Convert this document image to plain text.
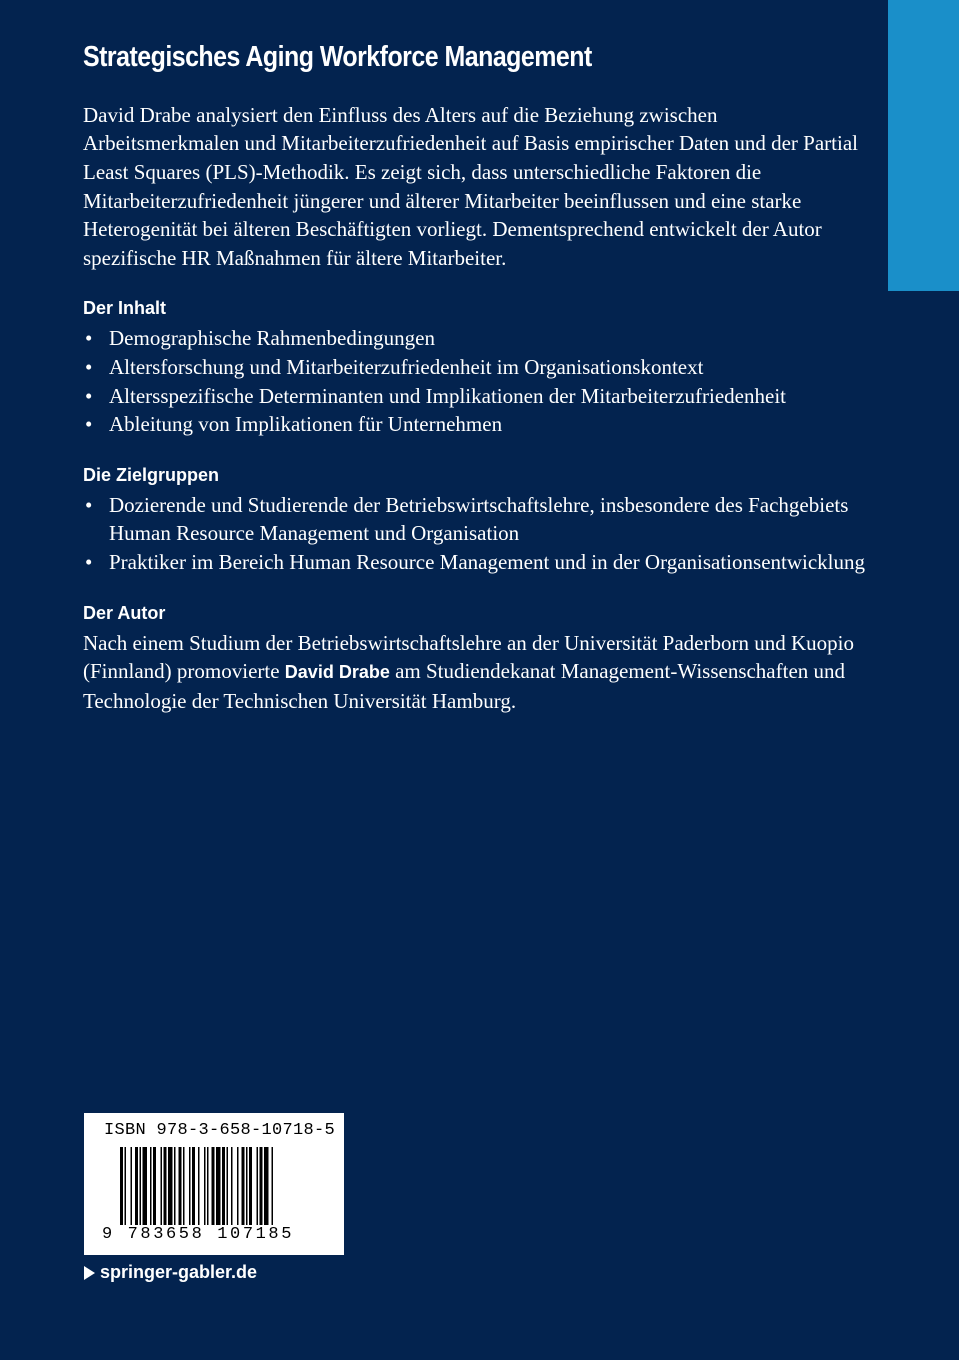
Strategisches Aging Workforce Management

David Drabe analysiert den Einfluss des Alters auf die Beziehung zwischen Arbeitsmerkmalen und Mitarbeiterzufriedenheit auf Basis empirischer Daten und der Partial Least Squares (PLS)-Methodik. Es zeigt sich, dass unterschiedliche Faktoren die Mitarbeiterzufriedenheit jüngerer und älterer Mitarbeiter beeinflussen und eine starke Heterogenität bei älteren Beschäftigten vorliegt. Dementsprechend entwickelt der Autor spezifische HR Maßnahmen für ältere Mitarbeiter.

Der Inhalt
• Demographische Rahmenbedingungen
• Altersforschung und Mitarbeiterzufriedenheit im Organisationskontext
• Altersspezifische Determinanten und Implikationen der Mitarbeiterzufriedenheit
• Ableitung von Implikationen für Unternehmen
Die Zielgruppen
• Dozierende und Studierende der Betriebswirtschaftslehre, insbesondere des Fachgebiets Human Resource Management und Organisation
• Praktiker im Bereich Human Resource Management und in der Organisationsentwicklung
Der Autor

Nach einem Studium der Betriebswirtschaftslehre an der Universität Paderborn und Kuopio (Finnland) promovierte David Drabe am Studiendekanat Management-Wissenschaften und Technologie der Technischen Universität Hamburg.

ISBN 978-3-658-10718-5
9 783658 107185
springer-gabler.de
